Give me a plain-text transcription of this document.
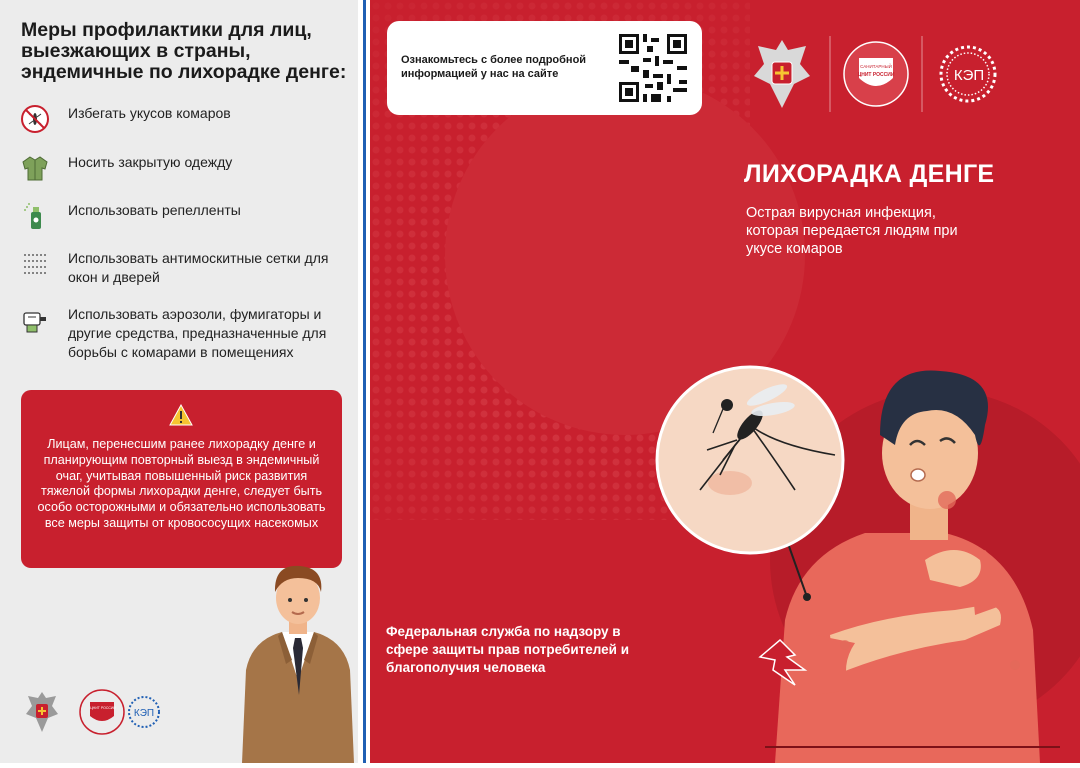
Меры профилактики для лиц, выезжающих в страны, эндемичные по лихорадке денге:
Избегать укусов комаров
Носить закрытую одежду
Использовать репелленты
Использовать антимоскитные сетки для окон и дверей
Использовать аэрозоли, фумигаторы и другие средства, предназначенные для борьбы с комарами в помещениях
Лицам, перенесшим ранее лихорадку денге и планирующим повторный выезд в эндемичный очаг, учитывая повышенный риск развития тяжелой формы лихорадки денге, следует быть особо осторожными и обязательно использовать все меры защиты от кровососущих насекомых
КЭП
ЦНИТ РОССИИ
Ознакомьтесь с более подробной информацией у нас на сайте
САНИТАРНЫЙ
ЦНИТ РОССИИ	КЭП
ЛИХОРАДКА ДЕНГЕ
Острая вирусная инфекция, которая передается людям при укусе комаров
Федеральная служба по надзору в сфере защиты прав потребителей и благополучия человека
